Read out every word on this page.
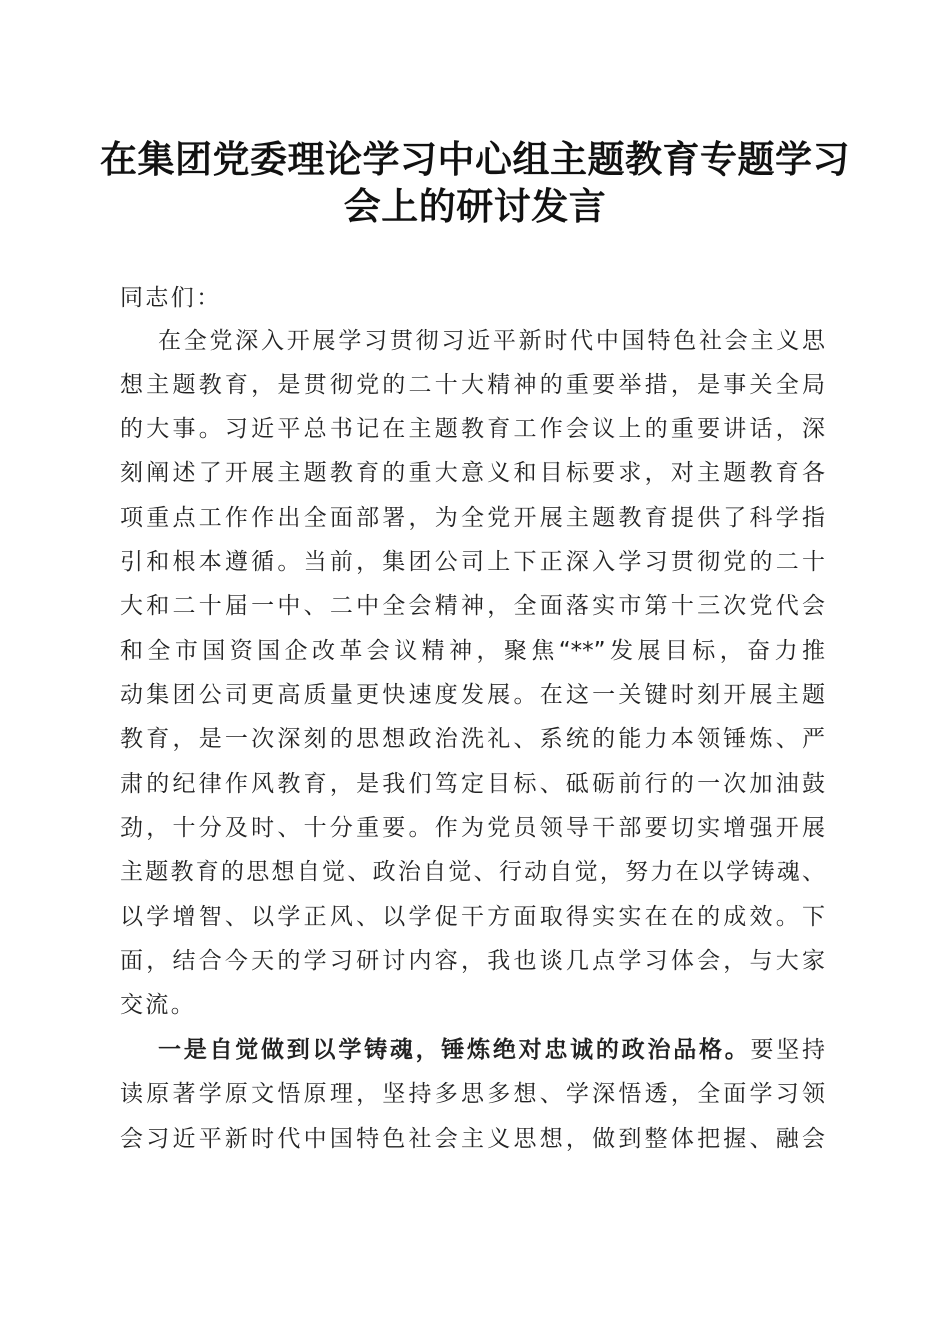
在集团党委理论学习中心组主题教育专题学习
会上的研讨发言
同志们：
在全党深入开展学习贯彻习近平新时代中国特色社会主义思
想主题教育，是贯彻党的二十大精神的重要举措，是事关全局
的大事。习近平总书记在主题教育工作会议上的重要讲话，深
刻阐述了开展主题教育的重大意义和目标要求，对主题教育各
项重点工作作出全面部署，为全党开展主题教育提供了科学指
引和根本遵循。当前，集团公司上下正深入学习贯彻党的二十
大和二十届一中、二中全会精神，全面落实市第十三次党代会
和全市国资国企改革会议精神，聚焦“**”发展目标，奋力推
动集团公司更高质量更快速度发展。在这一关键时刻开展主题
教育，是一次深刻的思想政治洗礼、系统的能力本领锤炼、严
肃的纪律作风教育，是我们笃定目标、砥砺前行的一次加油鼓
劲，十分及时、十分重要。作为党员领导干部要切实增强开展
主题教育的思想自觉、政治自觉、行动自觉，努力在以学铸魂、
以学增智、以学正风、以学促干方面取得实实在在的成效。下
面，结合今天的学习研讨内容，我也谈几点学习体会，与大家
交流。
一是自觉做到以学铸魂，锤炼绝对忠诚的政治品格。要坚持
读原著学原文悟原理，坚持多思多想、学深悟透，全面学习领
会习近平新时代中国特色社会主义思想，做到整体把握、融会
